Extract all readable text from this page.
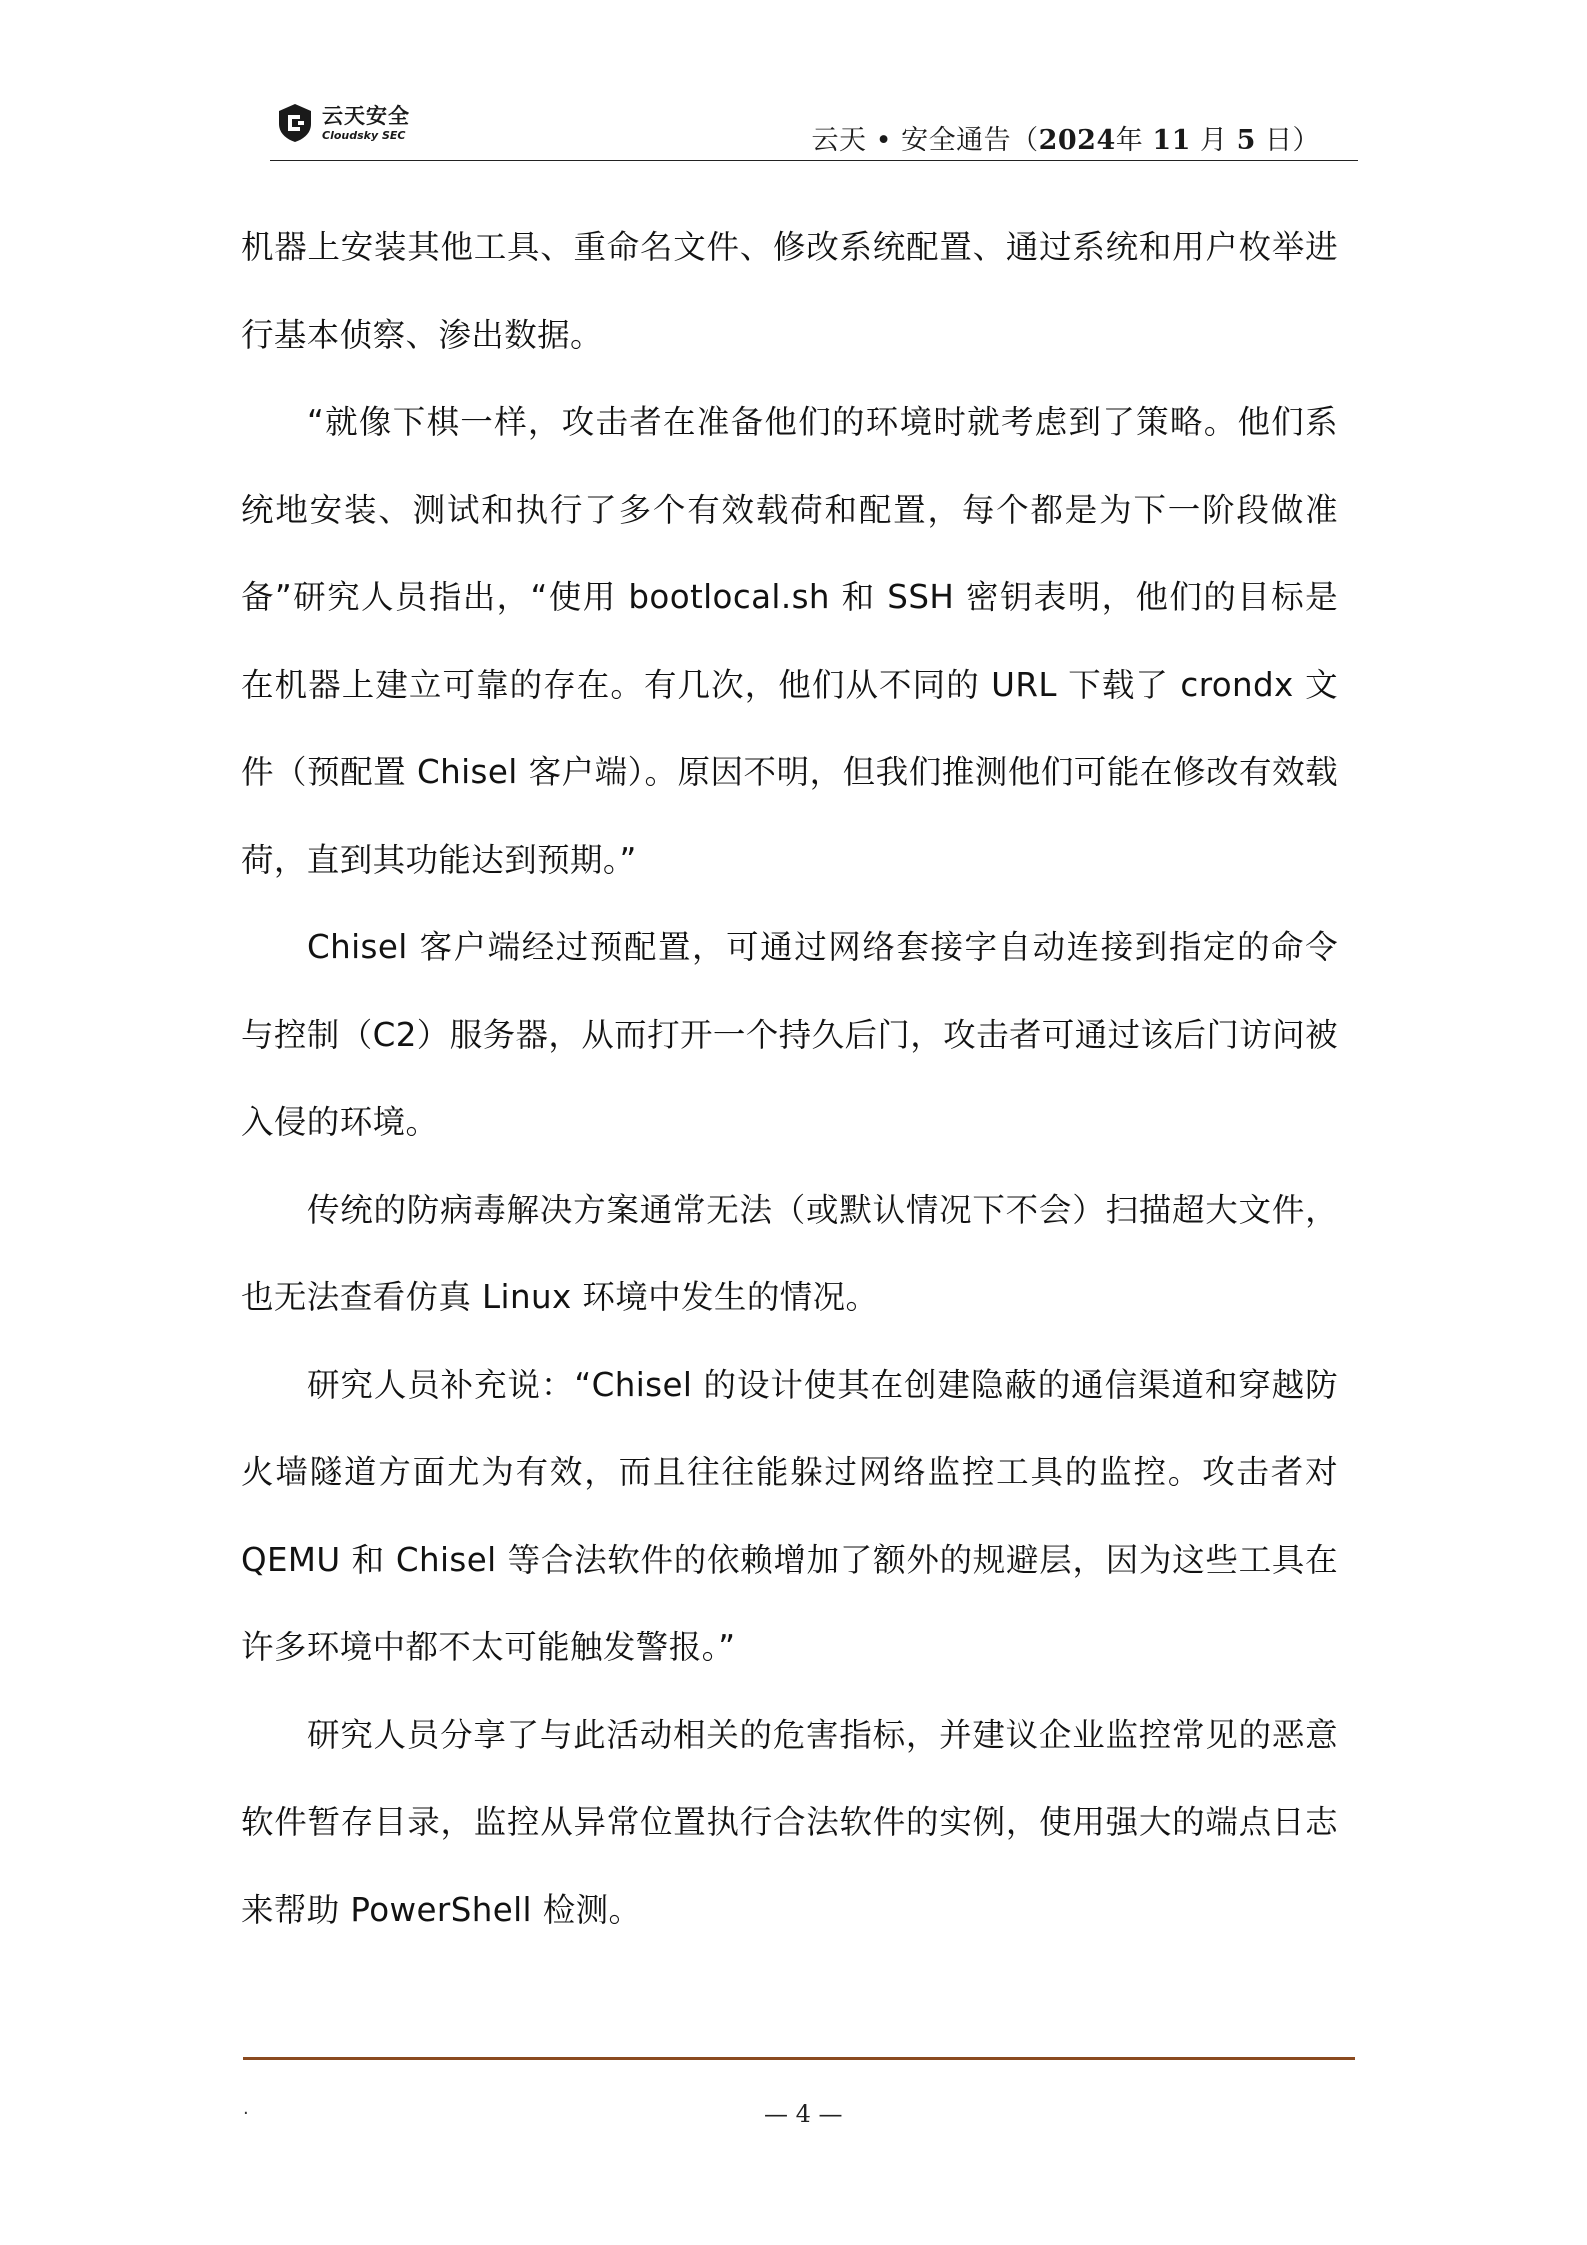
云天安全
Cloudsky SEC	云天 • 安全通告（2024年 11 月 5 日）

机器上安装其他工具、重命名文件、修改系统配置、通过系统和用户枚举进行基本侦察、渗出数据。

“就像下棋一样，攻击者在准备他们的环境时就考虑到了策略。他们系统地安装、测试和执行了多个有效载荷和配置，每个都是为下一阶段做准备”研究人员指出，“使用 bootlocal.sh 和 SSH 密钥表明，他们的目标是在机器上建立可靠的存在。有几次，他们从不同的 URL 下载了 crondx 文件（预配置 Chisel 客户端）。原因不明，但我们推测他们可能在修改有效载荷，直到其功能达到预期。”

Chisel 客户端经过预配置，可通过网络套接字自动连接到指定的命令与控制（C2）服务器，从而打开一个持久后门，攻击者可通过该后门访问被入侵的环境。

传统的防病毒解决方案通常无法（或默认情况下不会）扫描超大文件，也无法查看仿真 Linux 环境中发生的情况。

研究人员补充说：“Chisel 的设计使其在创建隐蔽的通信渠道和穿越防火墙隧道方面尤为有效，而且往往能躲过网络监控工具的监控。攻击者对 QEMU 和 Chisel 等合法软件的依赖增加了额外的规避层，因为这些工具在许多环境中都不太可能触发警报。”

研究人员分享了与此活动相关的危害指标，并建议企业监控常见的恶意软件暂存目录，监控从异常位置执行合法软件的实例，使用强大的端点日志来帮助 PowerShell 检测。

.	— 4 —
